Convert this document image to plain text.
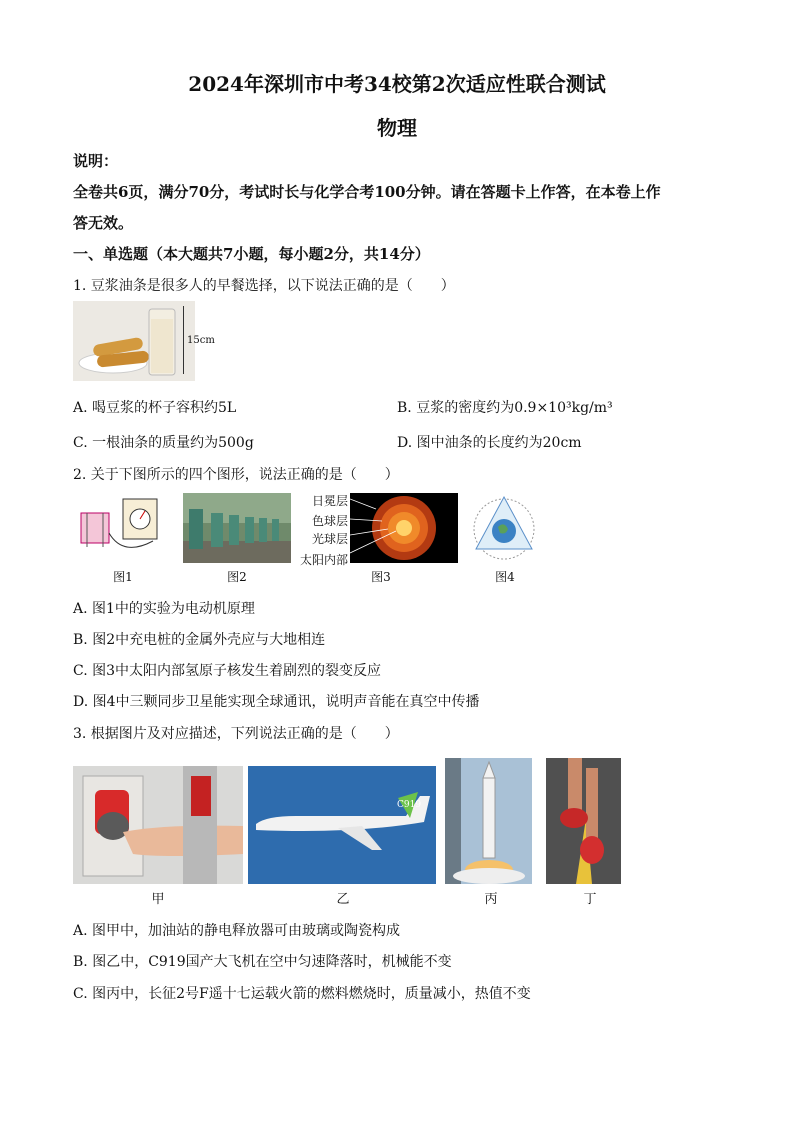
2024年深圳市中考34校第2次适应性联合测试
物理
说明：
全卷共6页，满分70分，考试时长与化学合考100分钟。请在答题卡上作答，在本卷上作
答无效。
一、单选题（本大题共7小题，每小题2分，共14分）
1. 豆浆油条是很多人的早餐选择，以下说法正确的是（　　）
15cm
A. 喝豆浆的杯子容积约5L	B. 豆浆的密度约为0.9×10³kg/m³
C. 一根油条的质量约为500g	D. 图中油条的长度约为20cm
2. 关于下图所示的四个图形，说法正确的是（　　）
图1	图2
日冕层
色球层
光球层
太阳内部
图3	图4
A. 图1中的实验为电动机原理
B. 图2中充电桩的金属外壳应与大地相连
C. 图3中太阳内部氢原子核发生着剧烈的裂变反应
D. 图4中三颗同步卫星能实现全球通讯，说明声音能在真空中传播
3. 根据图片及对应描述，下列说法正确的是（　　）
甲
C919
乙	丙	丁
A. 图甲中，加油站的静电释放器可由玻璃或陶瓷构成
B. 图乙中，C919国产大飞机在空中匀速降落时，机械能不变
C. 图丙中，长征2号F遥十七运载火箭的燃料燃烧时，质量减小，热值不变
